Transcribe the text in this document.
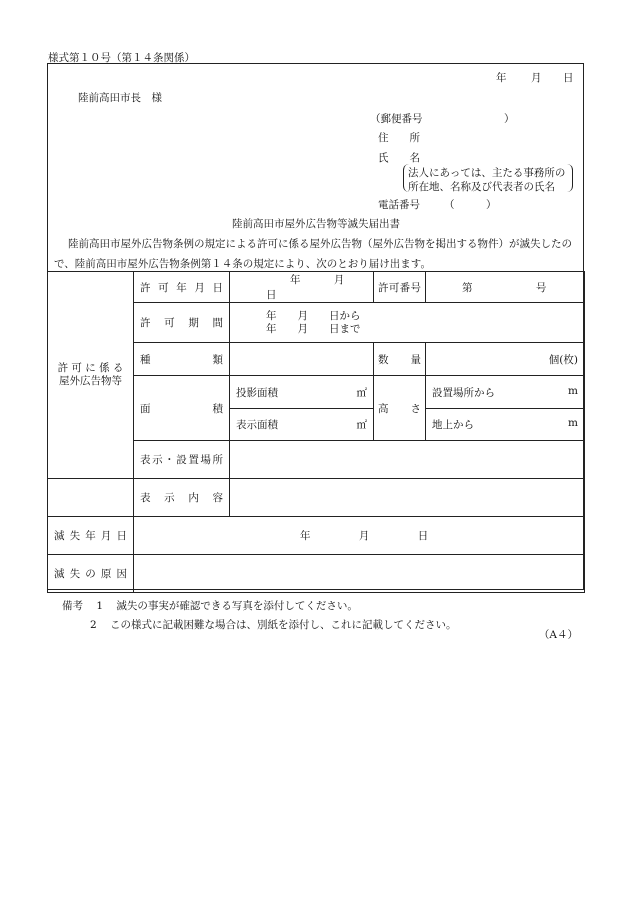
様式第１０号（第１４条関係）
年 月 日
陸前高田市長　様
（郵便番号	）
住　　所
氏　　名
法人にあっては、主たる事務所の
所在地、名称及び代表者の氏名
電話番号 （　　　）
陸前高田市屋外広告物等滅失届出書
陸前高田市屋外広告物条例の規定による許可に係る屋外広告物（屋外広告物を掲出する物件）が滅失したの
で、陸前高田市屋外広告物条例第１４条の規定により、次のとおり届け出ます。
許 可 に 係 る
屋外広告物等	許可年月日	年 月 日	許可番号	第 号
	許可期間	年　　月　　日から
年　　月　　日まで		

	種類		数量	個(枚)
	面積	投影面積 ㎡	高さ	設置場所から m

		表示面積 ㎡		地上から m

	表示・設置場所			
	表示内容			
滅失年月日	年 月 日			
滅失の原因				
備考 1 滅失の事実が確認できる写真を添付してください。
2 この様式に記載困難な場合は、別紙を添付し、これに記載してください。
（A４）
